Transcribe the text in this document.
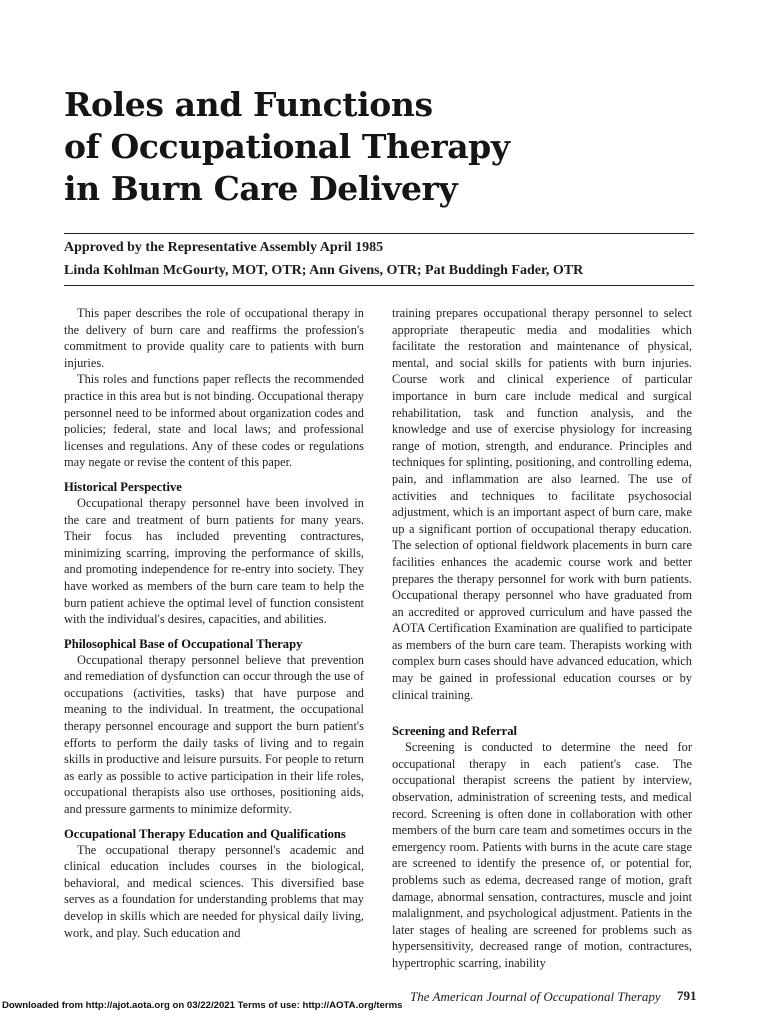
Roles and Functions
of Occupational Therapy
in Burn Care Delivery

Approved by the Representative Assembly April 1985

Linda Kohlman McGourty, MOT, OTR; Ann Givens, OTR; Pat Buddingh Fader, OTR

This paper describes the role of occupational therapy in the delivery of burn care and reaffirms the profession's commitment to provide quality care to patients with burn injuries.

This roles and functions paper reflects the recommended practice in this area but is not binding. Occupational therapy personnel need to be informed about organization codes and policies; federal, state and local laws; and professional licenses and regulations. Any of these codes or regulations may negate or revise the content of this paper.

Historical Perspective

Occupational therapy personnel have been involved in the care and treatment of burn patients for many years. Their focus has included preventing contractures, minimizing scarring, improving the performance of skills, and promoting independence for re-entry into society. They have worked as members of the burn care team to help the burn patient achieve the optimal level of function consistent with the individual's desires, capacities, and abilities.

Philosophical Base of Occupational Therapy

Occupational therapy personnel believe that prevention and remediation of dysfunction can occur through the use of occupations (activities, tasks) that have purpose and meaning to the individual. In treatment, the occupational therapy personnel encourage and support the burn patient's efforts to perform the daily tasks of living and to regain skills in productive and leisure pursuits. For people to return as early as possible to active participation in their life roles, occupational therapists also use orthoses, positioning aids, and pressure garments to minimize deformity.

Occupational Therapy Education and Qualifications

The occupational therapy personnel's academic and clinical education includes courses in the biological, behavioral, and medical sciences. This diversified base serves as a foundation for understanding problems that may develop in skills which are needed for physical daily living, work, and play. Such education and

training prepares occupational therapy personnel to select appropriate therapeutic media and modalities which facilitate the restoration and maintenance of physical, mental, and social skills for patients with burn injuries. Course work and clinical experience of particular importance in burn care include medical and surgical rehabilitation, task and function analysis, and the knowledge and use of exercise physiology for increasing range of motion, strength, and endurance. Principles and techniques for splinting, positioning, and controlling edema, pain, and inflammation are also learned. The use of activities and techniques to facilitate psychosocial adjustment, which is an important aspect of burn care, make up a significant portion of occupational therapy education. The selection of optional fieldwork placements in burn care facilities enhances the academic course work and better prepares the therapy personnel for work with burn patients. Occupational therapy personnel who have graduated from an accredited or approved curriculum and have passed the AOTA Certification Examination are qualified to participate as members of the burn care team. Therapists working with complex burn cases should have advanced education, which may be gained in professional education courses or by clinical training.

Screening and Referral

Screening is conducted to determine the need for occupational therapy in each patient's case. The occupational therapist screens the patient by interview, observation, administration of screening tests, and medical record. Screening is often done in collaboration with other members of the burn care team and sometimes occurs in the emergency room. Patients with burns in the acute care stage are screened to identify the presence of, or potential for, problems such as edema, decreased range of motion, graft damage, abnormal sensation, contractures, muscle and joint malalignment, and psychological adjustment. Patients in the later stages of healing are screened for problems such as hypersensitivity, decreased range of motion, contractures, hypertrophic scarring, inability

Downloaded from http://ajot.aota.org on 03/22/2021 Terms of use: http://AOTA.org/terms

The American Journal of Occupational Therapy 791
